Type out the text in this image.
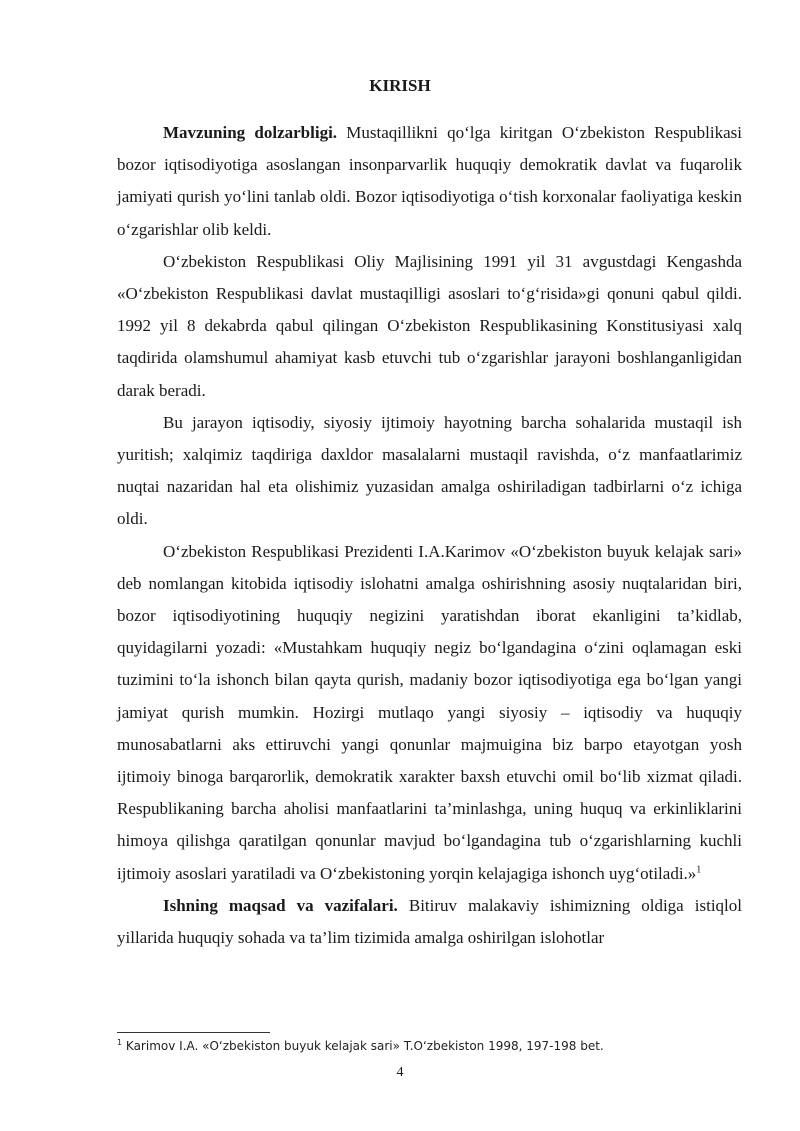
KIRISH

Mavzuning dolzarbligi. Mustaqillikni qo‘lga kiritgan O‘zbekiston Respublikasi bozor iqtisodiyotiga asoslangan insonparvarlik huquqiy demokratik davlat va fuqarolik jamiyati qurish yo‘lini tanlab oldi. Bozor iqtisodiyotiga o‘tish korxonalar faoliyatiga keskin o‘zgarishlar olib keldi.

O‘zbekiston Respublikasi Oliy Majlisining 1991 yil 31 avgustdagi Kengashda «O‘zbekiston Respublikasi davlat mustaqilligi asoslari to‘g‘risida»gi qonuni qabul qildi. 1992 yil 8 dekabrda qabul qilingan O‘zbekiston Respublikasining Konstitusiyasi xalq taqdirida olamshumul ahamiyat kasb etuvchi tub o‘zgarishlar jarayoni boshlanganligidan darak beradi.

Bu jarayon iqtisodiy, siyosiy ijtimoiy hayotning barcha sohalarida mustaqil ish yuritish; xalqimiz taqdiriga daxldor masalalarni mustaqil ravishda, o‘z manfaatlarimiz nuqtai nazaridan hal eta olishimiz yuzasidan amalga oshiriladigan tadbirlarni o‘z ichiga oldi.

O‘zbekiston Respublikasi Prezidenti I.A.Karimov «O‘zbekiston buyuk kelajak sari» deb nomlangan kitobida iqtisodiy islohatni amalga oshirishning asosiy nuqtalaridan biri, bozor iqtisodiyotining huquqiy negizini yaratishdan iborat ekanligini ta’kidlab, quyidagilarni yozadi: «Mustahkam huquqiy negiz bo‘lgandagina o‘zini oqlamagan eski tuzimini to‘la ishonch bilan qayta qurish, madaniy bozor iqtisodiyotiga ega bo‘lgan yangi jamiyat qurish mumkin. Hozirgi mutlaqo yangi siyosiy – iqtisodiy va huquqiy munosabatlarni aks ettiruvchi yangi qonunlar majmuigina biz barpo etayotgan yosh ijtimoiy binoga barqarorlik, demokratik xarakter baxsh etuvchi omil bo‘lib xizmat qiladi. Respublikaning barcha aholisi manfaatlarini ta’minlashga, uning huquq va erkinliklarini himoya qilishga qaratilgan qonunlar mavjud bo‘lgandagina tub o‘zgarishlarning kuchli ijtimoiy asoslari yaratiladi va O‘zbekistoning yorqin kelajagiga ishonch uyg‘otiladi.»$^1$

Ishning maqsad va vazifalari. Bitiruv malakaviy ishimizning oldiga istiqlol yillarida huquqiy sohada va ta’lim tizimida amalga oshirilgan islohotlar

$^1$ Karimov I.A. «O‘zbekiston buyuk kelajak sari» T.O‘zbekiston 1998, 197-198 bet.
4
